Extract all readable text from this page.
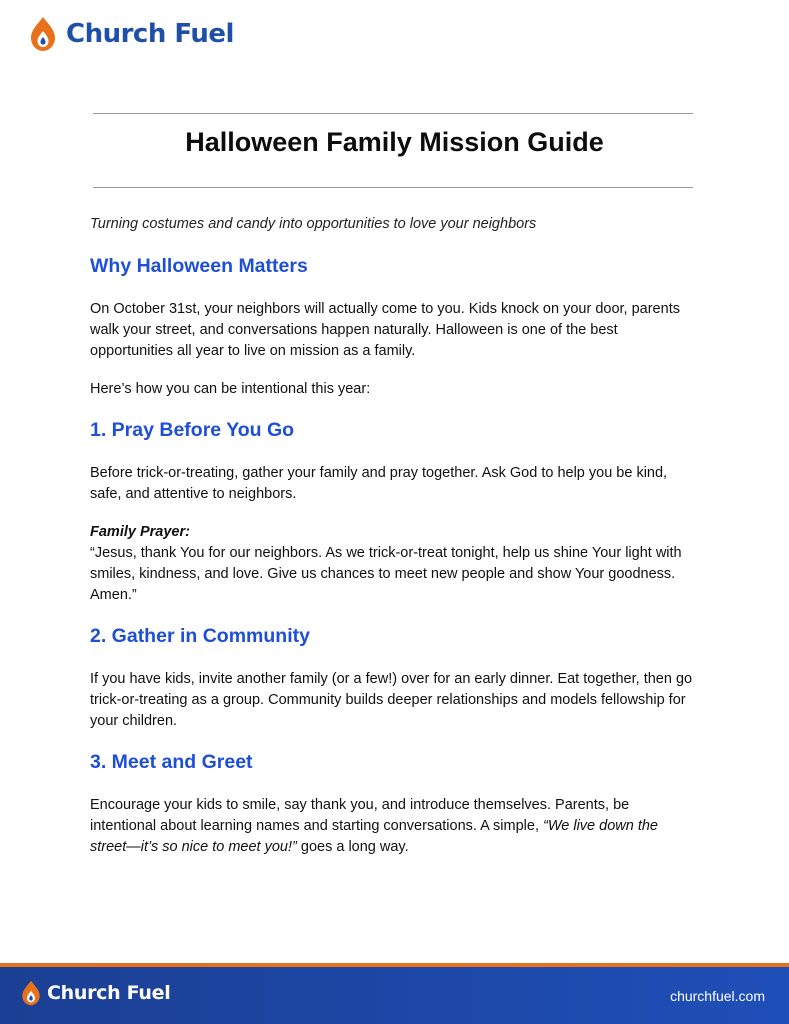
Church Fuel
Halloween Family Mission Guide

Turning costumes and candy into opportunities to love your neighbors

Why Halloween Matters

On October 31st, your neighbors will actually come to you. Kids knock on your door, parents walk your street, and conversations happen naturally. Halloween is one of the best opportunities all year to live on mission as a family.

Here’s how you can be intentional this year:

1. Pray Before You Go

Before trick-or-treating, gather your family and pray together. Ask God to help you be kind, safe, and attentive to neighbors.

Family Prayer:

“Jesus, thank You for our neighbors. As we trick-or-treat tonight, help us shine Your light with smiles, kindness, and love. Give us chances to meet new people and show Your goodness. Amen.”

2. Gather in Community

If you have kids, invite another family (or a few!) over for an early dinner. Eat together, then go trick-or-treating as a group. Community builds deeper relationships and models fellowship for your children.

3. Meet and Greet

Encourage your kids to smile, say thank you, and introduce themselves. Parents, be intentional about learning names and starting conversations. A simple, “We live down the street—it’s so nice to meet you!” goes a long way.

Church Fuel	churchfuel.com
